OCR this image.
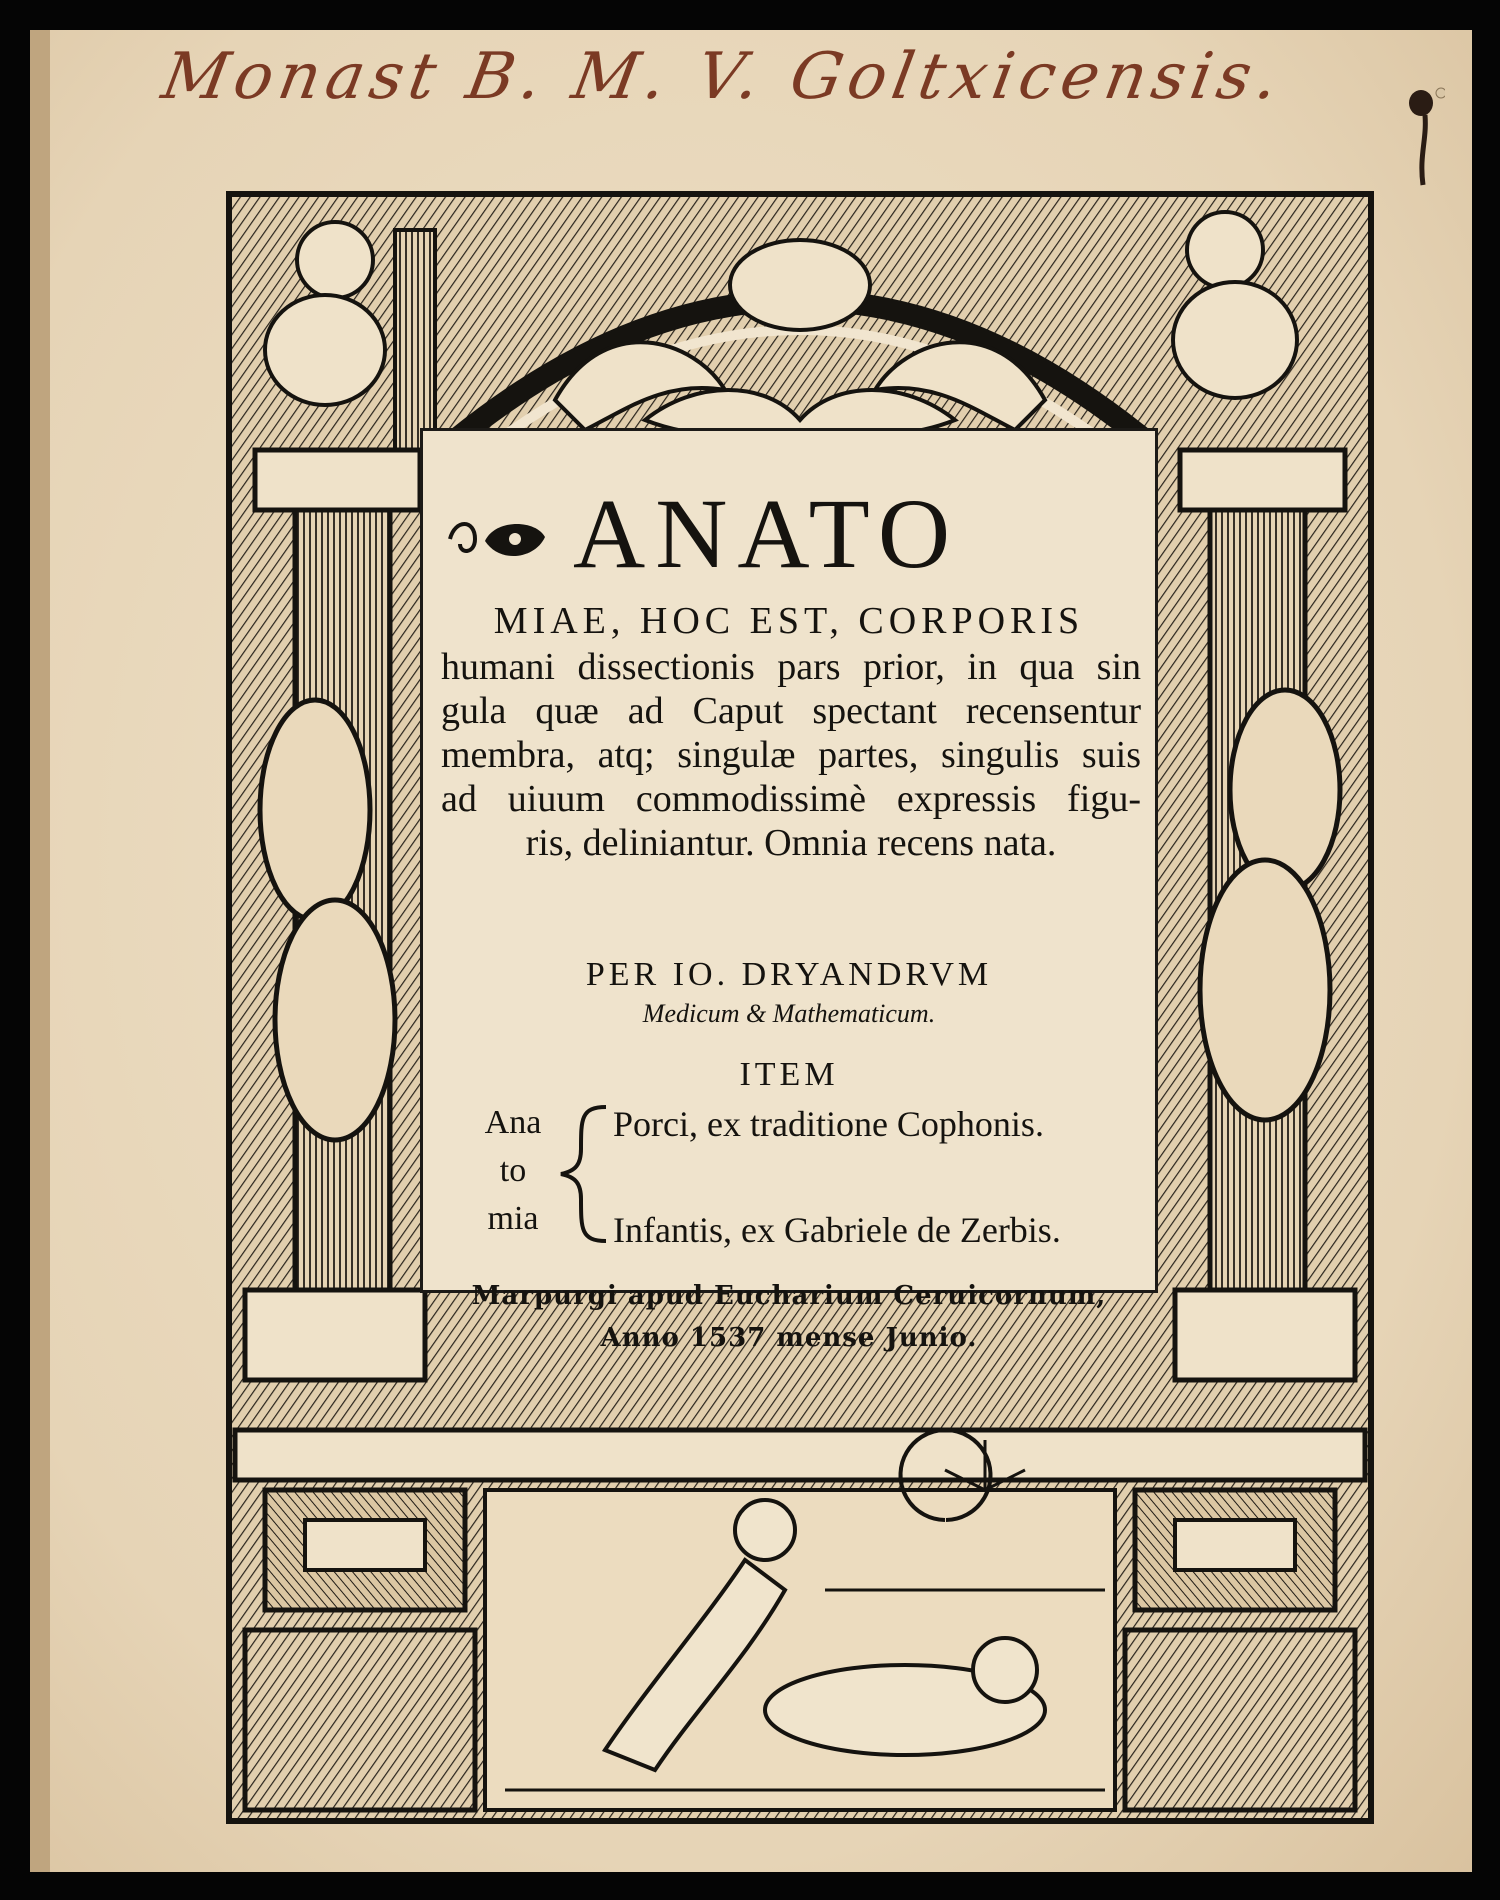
Monast B. M. V. Goltxicensis.
ANATO
MIAE, HOC EST, CORPORIS
humani dissectionis pars prior, in qua sin
gula quæ ad Caput spectant recensentur
membra, atq; singulæ partes, singulis suis
ad uiuum commodissimè expressis figu-
ris, deliniantur. Omnia recens nata.
PER IO. DRYANDRVM
Medicum & Mathematicum.
ITEM
Ana
to
mia
Porci, ex traditione Cophonis.
Infantis, ex Gabriele de Zerbis.
Marpurgi apud Eucharium Ceruicornum,
Anno 1537 mense Junio.
